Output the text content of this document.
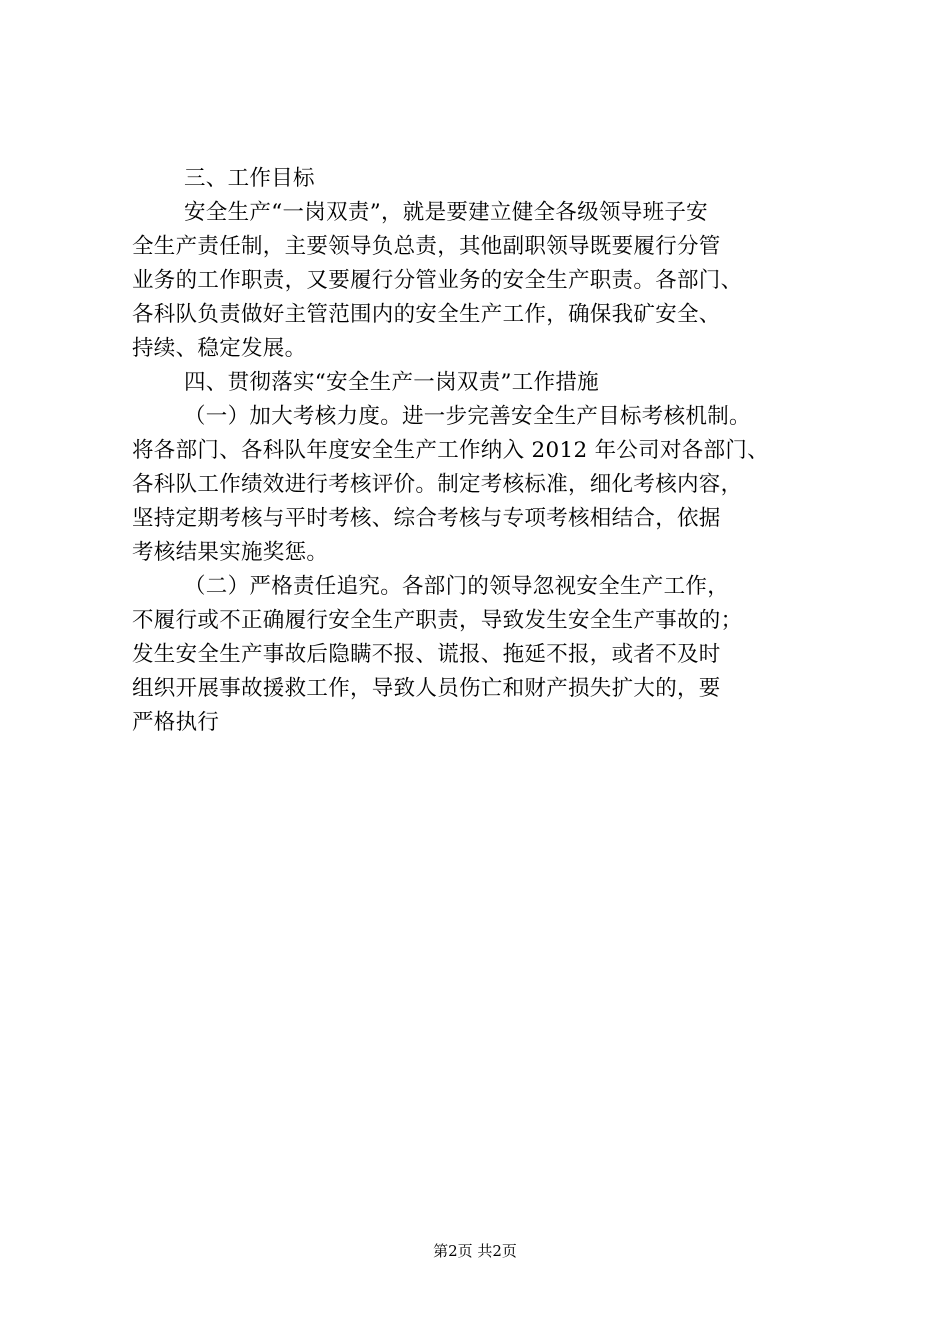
三、工作目标
安全生产“一岗双责”，就是要建立健全各级领导班子安
全生产责任制，主要领导负总责，其他副职领导既要履行分管
业务的工作职责，又要履行分管业务的安全生产职责。各部门、
各科队负责做好主管范围内的安全生产工作，确保我矿安全、
持续、稳定发展。
四、贯彻落实“安全生产一岗双责”工作措施
（一）加大考核力度。进一步完善安全生产目标考核机制。
将各部门、各科队年度安全生产工作纳入 2012 年公司对各部门、
各科队工作绩效进行考核评价。制定考核标准，细化考核内容，
坚持定期考核与平时考核、综合考核与专项考核相结合，依据
考核结果实施奖惩。
（二）严格责任追究。各部门的领导忽视安全生产工作，
不履行或不正确履行安全生产职责，导致发生安全生产事故的；
发生安全生产事故后隐瞒不报、谎报、拖延不报，或者不及时
组织开展事故援救工作，导致人员伤亡和财产损失扩大的，要
严格执行
第2页 共2页
